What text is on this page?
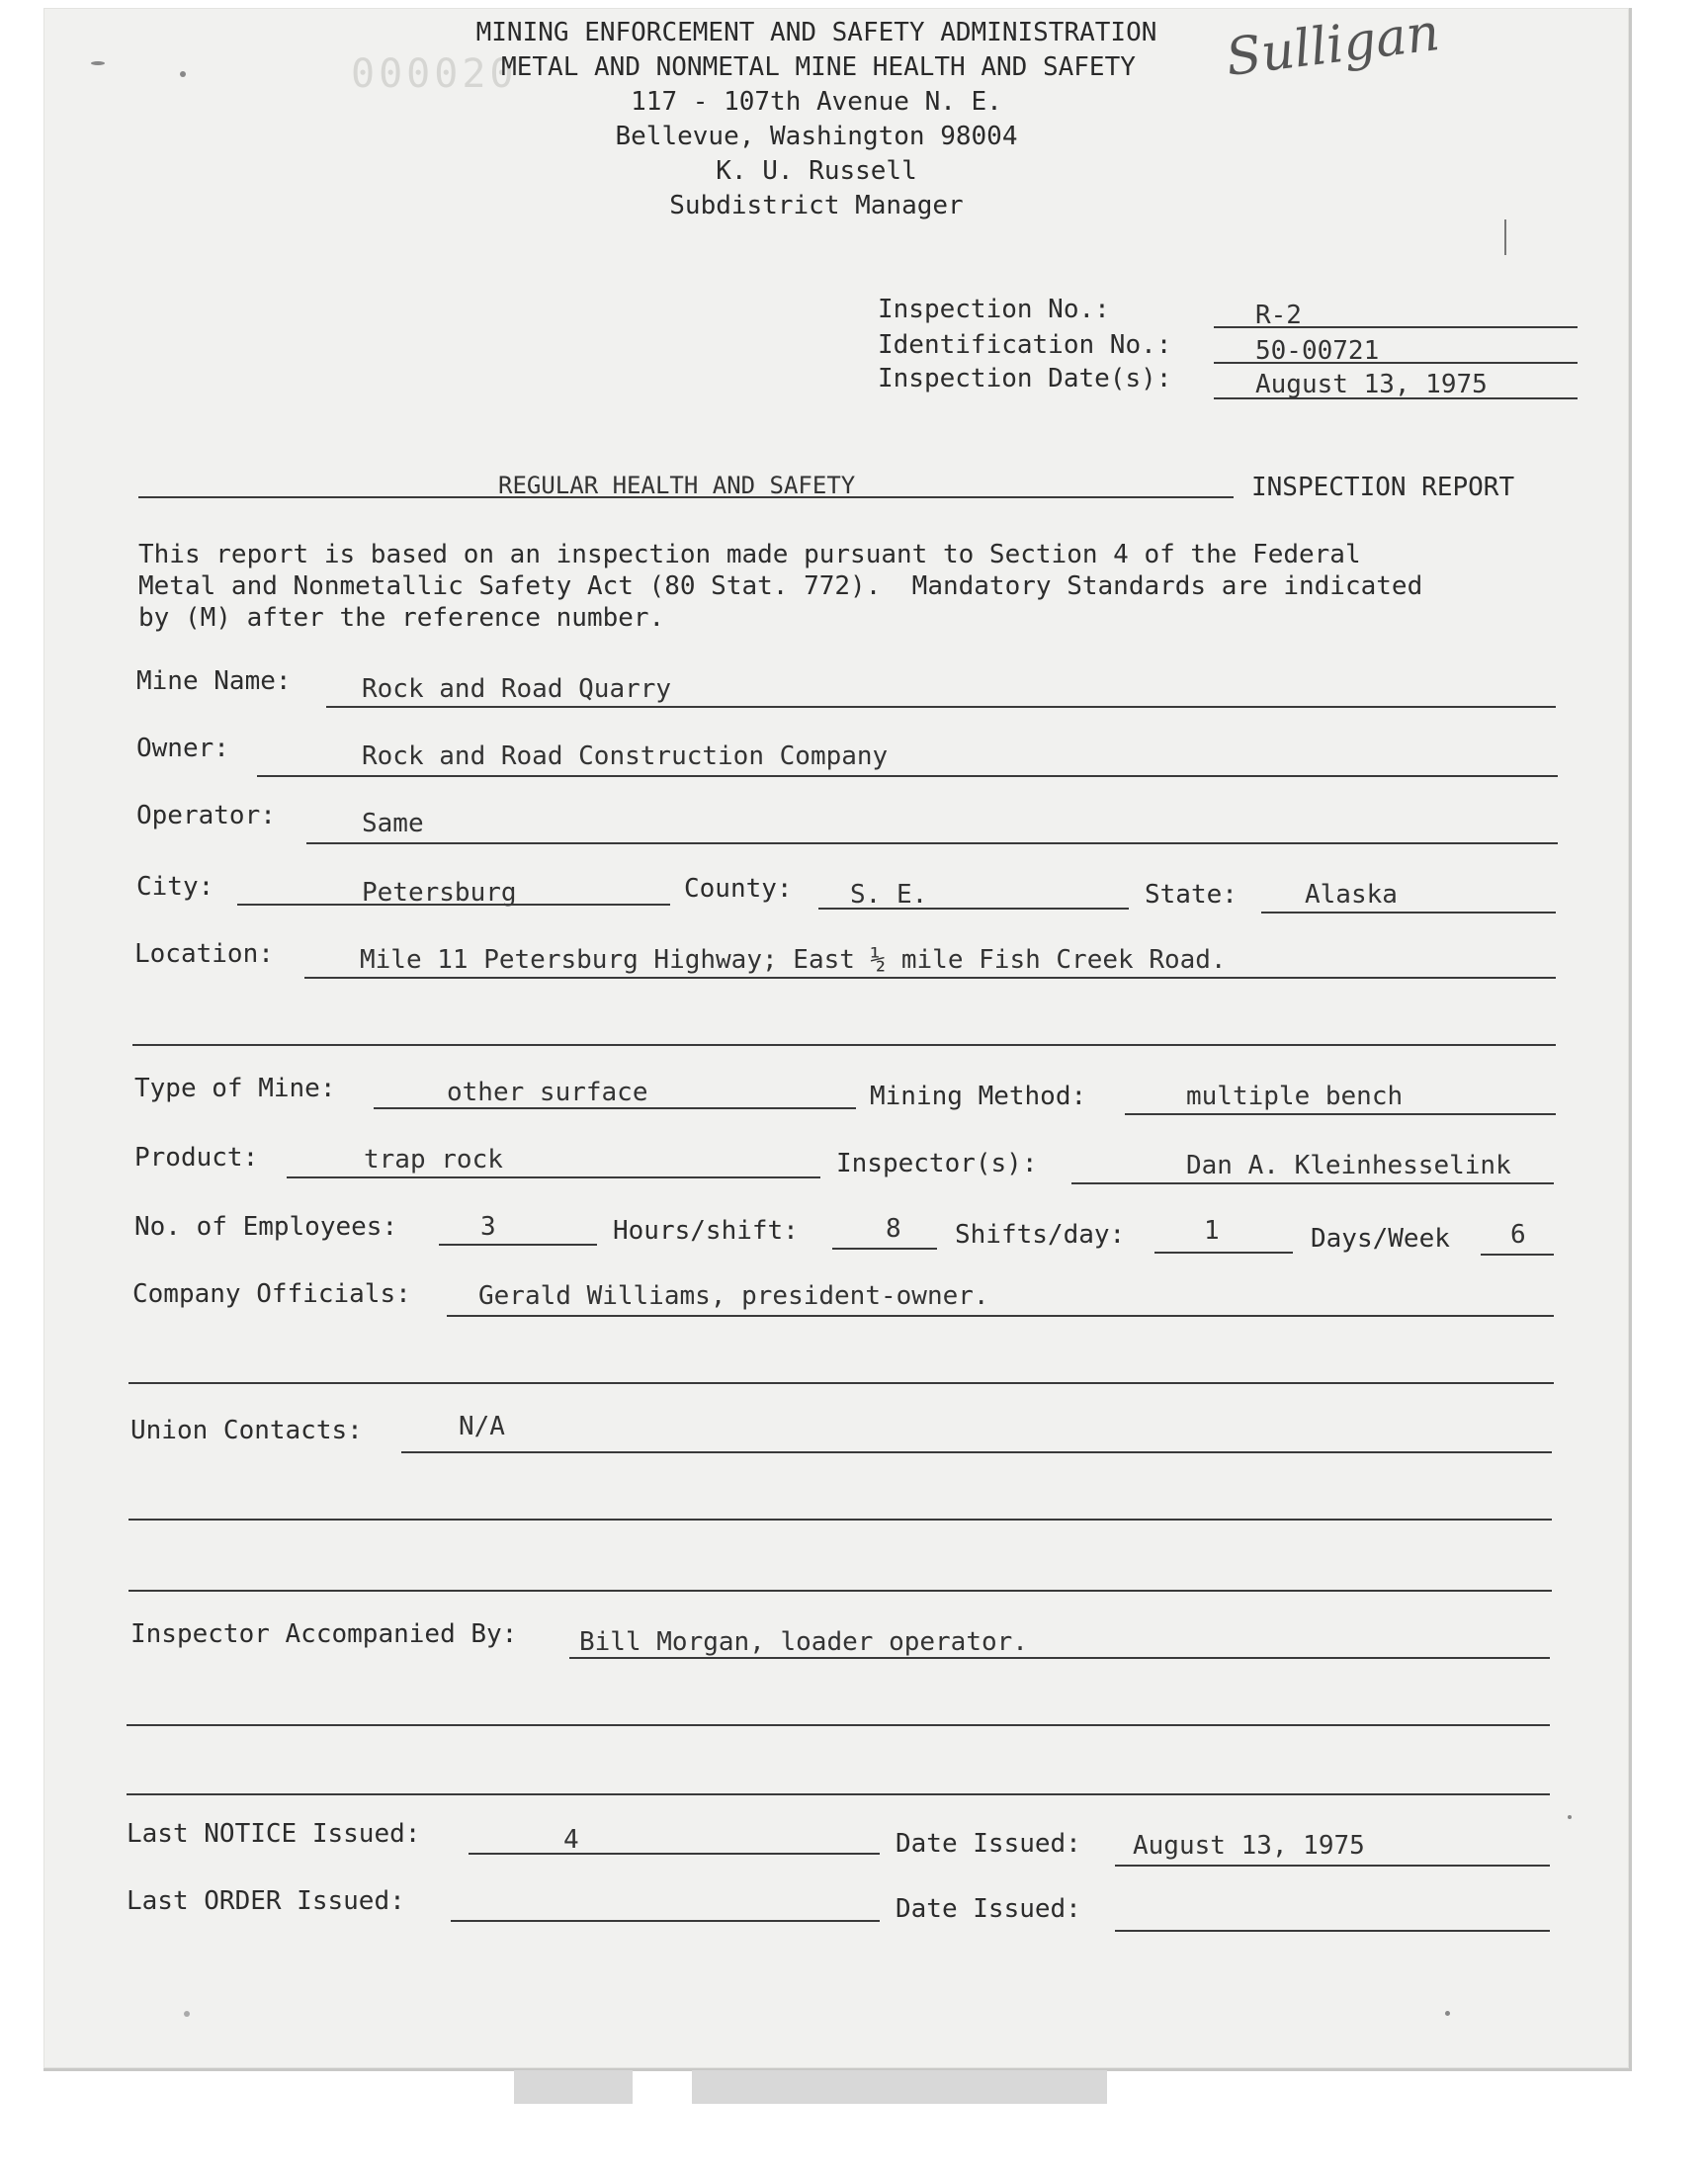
000020
MINING ENFORCEMENT AND SAFETY ADMINISTRATION
METAL AND NONMETAL MINE HEALTH AND SAFETY
117 - 107th Avenue N. E.
Bellevue, Washington 98004
K. U. Russell
Subdistrict Manager
Sulligan
Inspection No.:	R-2
Identification No.:	50-00721
Inspection Date(s):	August 13, 1975
REGULAR HEALTH AND SAFETY	INSPECTION REPORT
This report is based on an inspection made pursuant to Section 4 of the Federal
Metal and Nonmetallic Safety Act (80 Stat. 772).  Mandatory Standards are indicated
by (M) after the reference number.
Mine Name:	Rock and Road Quarry
Owner:	Rock and Road Construction Company
Operator:	Same
City:	Petersburg	County: S. E.	State:	Alaska
Location:	Mile 11 Petersburg Highway; East ½ mile Fish Creek Road.
Type of Mine:	other surface	Mining Method:	multiple bench
Product:	trap rock	Inspector(s):	Dan A. Kleinhesselink
No. of Employees:	3	Hours/shift:	8 Shifts/day:	1	Days/Week 6
Company Officials:	Gerald Williams, president-owner.
Union Contacts:	N/A
Inspector Accompanied By: Bill Morgan, loader operator.
Last NOTICE Issued:	4	Date Issued: August 13, 1975
Last ORDER Issued:	Date Issued:
